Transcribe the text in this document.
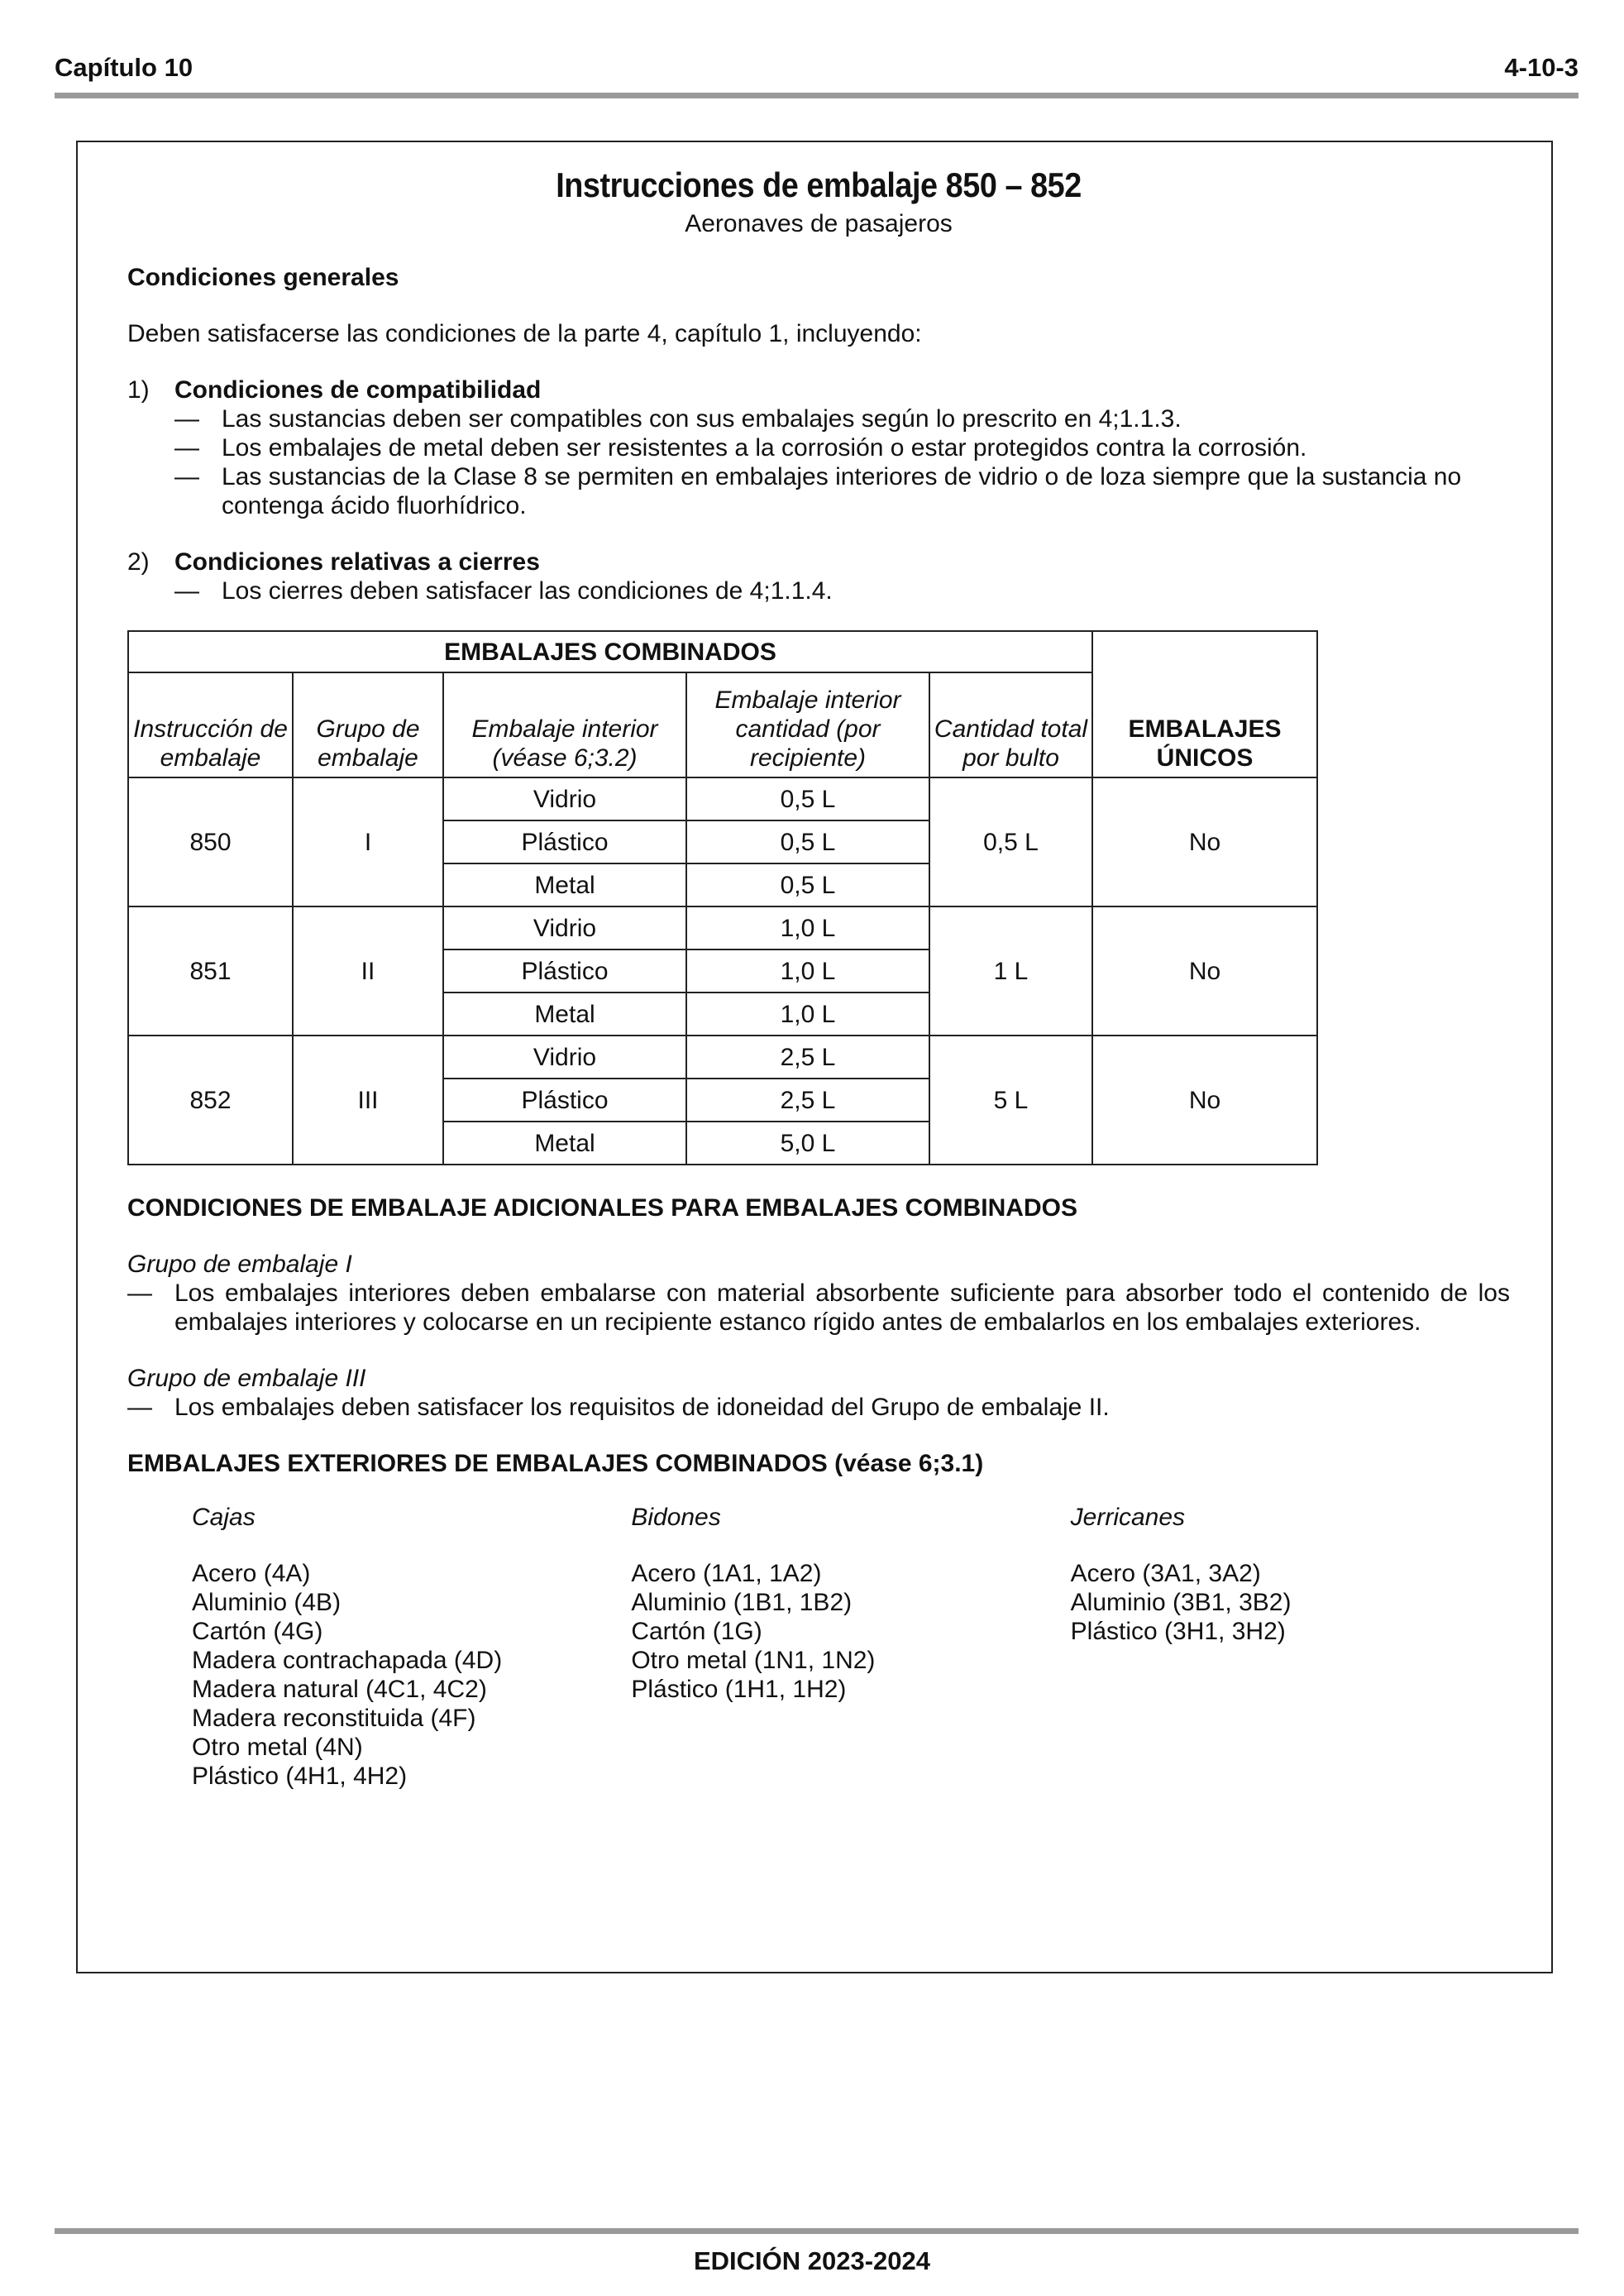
Capítulo 10	4-10-3
Instrucciones de embalaje 850 – 852
Aeronaves de pasajeros

Condiciones generales

Deben satisfacerse las condiciones de la parte 4, capítulo 1, incluyendo:

1)	Condiciones de compatibilidad
— Las sustancias deben ser compatibles con sus embalajes según lo prescrito en 4;1.1.3.
— Los embalajes de metal deben ser resistentes a la corrosión o estar protegidos contra la corrosión.
— Las sustancias de la Clase 8 se permiten en embalajes interiores de vidrio o de loza siempre que la sustancia no contenga ácido fluorhídrico.
2)	Condiciones relativas a cierres
— Los cierres deben satisfacer las condiciones de 4;1.1.4.
EMBALAJES COMBINADOS					EMBALAJES ÚNICOS
Instrucción de embalaje	Grupo de embalaje	Embalaje interior (véase 6;3.2)	Embalaje interior cantidad (por recipiente)	Cantidad total por bulto	
850	I	Vidrio	0,5 L	0,5 L	No
		Plástico	0,5 L		
		Metal	0,5 L		
851	II	Vidrio	1,0 L	1 L	No
		Plástico	1,0 L		
		Metal	1,0 L		
852	III	Vidrio	2,5 L	5 L	No
		Plástico	2,5 L		
		Metal	5,0 L		

CONDICIONES DE EMBALAJE ADICIONALES PARA EMBALAJES COMBINADOS

Grupo de embalaje I

— Los embalajes interiores deben embalarse con material absorbente suficiente para absorber todo el contenido de los embalajes interiores y colocarse en un recipiente estanco rígido antes de embalarlos en los embalajes exteriores.

Grupo de embalaje III

— Los embalajes deben satisfacer los requisitos de idoneidad del Grupo de embalaje II.

EMBALAJES EXTERIORES DE EMBALAJES COMBINADOS (véase 6;3.1)

Cajas
Acero (4A)
Aluminio (4B)
Cartón (4G)
Madera contrachapada (4D)
Madera natural (4C1, 4C2)
Madera reconstituida (4F)
Otro metal (4N)
Plástico (4H1, 4H2)
Bidones
Acero (1A1, 1A2)
Aluminio (1B1, 1B2)
Cartón (1G)
Otro metal (1N1, 1N2)
Plástico (1H1, 1H2)
Jerricanes
Acero (3A1, 3A2)
Aluminio (3B1, 3B2)
Plástico (3H1, 3H2)
EDICIÓN 2023-2024
